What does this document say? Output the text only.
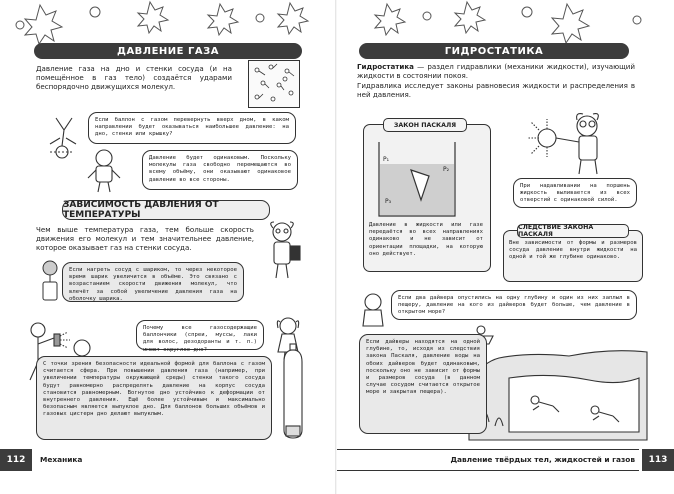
ДАВЛЕНИЕ ГАЗА
Давление газа на дно и стенки сосуда (и на помещённое в газ тело) создаётся ударами беспорядочно движущихся молекул.
Если баллон с газом перевернуть вверх дном, в каком направлении будет оказываться наибольшее давление: на дно, стенки или крышку?
Давление будет одинаковым. Поскольку молекулы газа свободно перемещаются во всему объёму, они оказывают одинаковое давление во все стороны.
ЗАВИСИМОСТЬ ДАВЛЕНИЯ ОТ ТЕМПЕРАТУРЫ
Чем выше температура газа, тем больше скорость движения его молекул и тем значительнее давление, которое оказывает газ на стенки сосуда.
Если нагреть сосуд с шариком, то через некоторое время шарик увеличится в объёме. Это связано с возрастанием скорости движения молекул, что влечёт за собой увеличение давления газа на оболочку шарика.
Почему все газосодержащие баллончики (спреи, муссы, лаки для волос, дезодоранты и т. п.) имеют округлое дно?
С точки зрения безопасности идеальной формой для баллона с газом считается сфера. При повышении давления газа (например, при увеличении температуры окружающей среды) стенки такого сосуда будут равномерно распределять давление на корпус сосуда становится равномерным. Вогнутое дно устойчиво к деформации от внутреннего давления. Ещё более устойчивым и максимально безопасным является выпуклое дно. Для баллонов больших объёмов и газовых цистерн дно делают выпуклым.
112	Механика
ГИДРОСТАТИКА
Гидростатика — раздел гидравлики (механики жидкости), изучающий жидкости в состоянии покоя.
Гидравлика исследует законы равновесия жидкости и распределения в ней давления.
ЗАКОН ПАСКАЛЯ
P₁
P₂
P₃
Давление в жидкости или газе передаётся во всех направлениях одинаково и не зависит от ориентации площадки, на которую оно действует.
При надавливании на поршень жидкость выливается из всех отверстий с одинаковой силой.
СЛЕДСТВИЕ ЗАКОНА ПАСКАЛЯ
Вне зависимости от формы и размеров сосуда давление внутри жидкости на одной и той же глубине одинаково.
Если два дайвера опустились на одну глубину и один из них заплыл в пещеру, давление на кого из дайверов будет больше, чем давление в открытом море?
Если дайверы находятся на одной глубине, то, исходя из следствия закона Паскаля, давление воды на обоих дайверов будет одинаковым, поскольку оно не зависит от формы и размеров сосуда (в данном случае сосудом считается открытое море и закрытая пещера).
Давление твёрдых тел, жидкостей и газов	113
